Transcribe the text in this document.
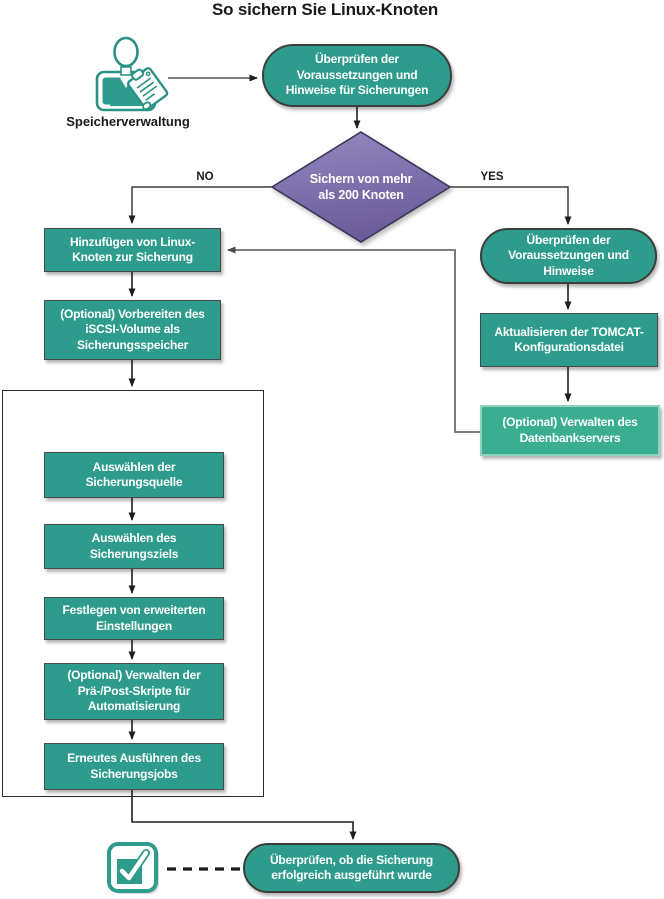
So sichern Sie Linux-Knoten
Speicherverwaltung
Überprüfen der Voraussetzungen und Hinweise für Sicherungen
Sichern von mehr als 200 Knoten
NO	YES
Hinzufügen von Linux-Knoten zur Sicherung
(Optional) Vorbereiten des iSCSI-Volume als Sicherungsspeicher
Auswählen der Sicherungsquelle
Auswählen des Sicherungsziels
Festlegen von erweiterten Einstellungen
(Optional) Verwalten der Prä-/Post-Skripte für Automatisierung
Erneutes Ausführen des Sicherungsjobs
Überprüfen der Voraussetzungen und Hinweise
Aktualisieren der TOMCAT-Konfigurationsdatei
(Optional) Verwalten des Datenbankservers
Überprüfen, ob die Sicherung erfolgreich ausgeführt wurde
